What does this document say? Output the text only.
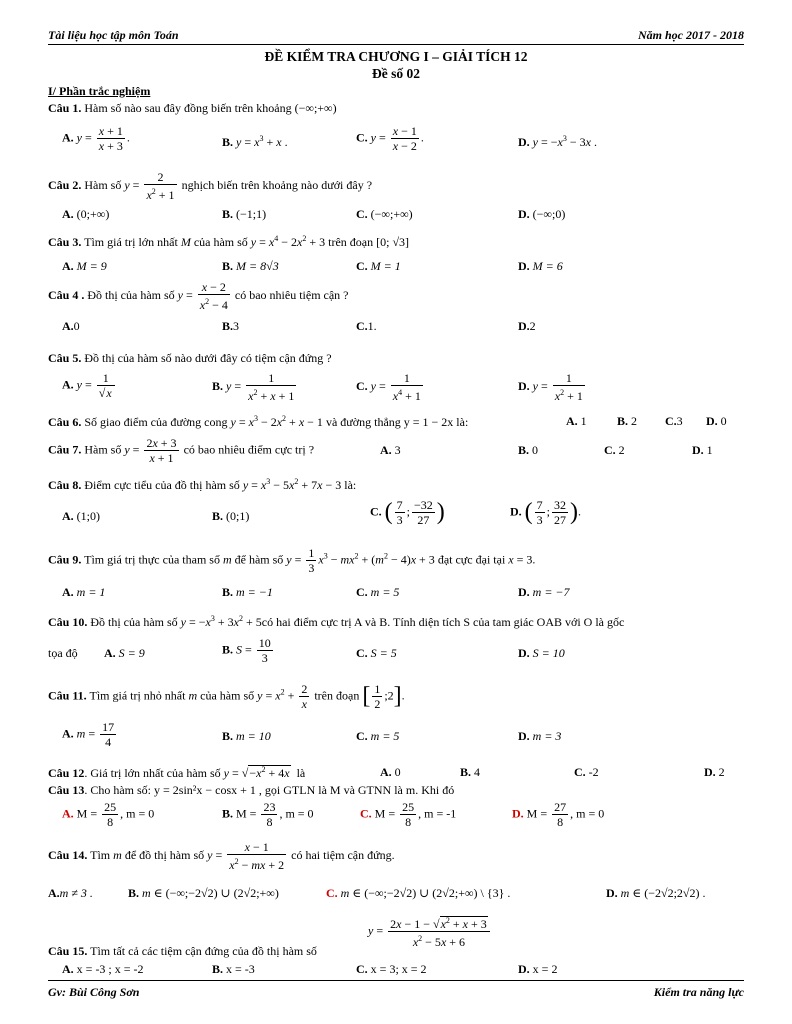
Tài liệu học tập môn Toán	Năm học 2017 - 2018
ĐỀ KIỂM TRA CHƯƠNG I – GIẢI TÍCH 12
Đề số 02
I/ Phần trắc nghiệm
Câu 1. Hàm số nào sau đây đồng biến trên khoảng (−∞;+∞)
A. $y = \frac{x + 1}{x + 3}$ .	B. $y = x^3 + x$ .	C. $y = \frac{x - 1}{x - 2}$ .	D. $y = -x^3 - 3x$ .
Câu 2. Hàm số $y = \frac{2}{x^2 + 1}$ nghịch biến trên khoảng nào dưới đây ?
A. (0;+∞)	B. (−1;1)	C. (−∞;+∞)	D. (−∞;0)
Câu 3. Tìm giá trị lớn nhất M của hàm số $y = x^4 - 2x^2 + 3$ trên đoạn [0; √3]
A. M = 9	B. M = 8√3	C. M = 1	D. M = 6
Câu 4 . Đồ thị của hàm số $y = \frac{x - 2}{x^2 - 4}$ có bao nhiêu tiệm cận ?
A.0	B.3	C.1.	D.2
Câu 5. Đồ thị của hàm số nào dưới đây có tiệm cận đứng ?
A. $y = \frac{1}{√x}$	B. $y = \frac{1}{x^2 + x + 1}$	C. $y = \frac{1}{x^4 + 1}$	D. $y = \frac{1}{x^2 + 1}$
Câu 6. Số giao điểm của đường cong $y = x^3 - 2x^2 + x - 1$ và đường thẳng y = 1 − 2x là:	A. 1	B. 2 C.3 D. 0
Câu 7. Hàm số $y = \frac{2x + 3}{x + 1}$ có bao nhiêu điểm cực trị ?	A. 3	B. 0	C. 2	D. 1
Câu 8. Điểm cực tiểu của đồ thị hàm số $y = x^3 - 5x^2 + 7x - 3$ là:
A. (1;0)	B. (0;1)	C. ( $\frac{7}{3}$ ; $\frac{-32}{27}$ )	D. ( $\frac{7}{3}$ ; $\frac{32}{27}$ ).
Câu 9. Tìm giá trị thực của tham số m để hàm số $y = \frac{1}{3} x^3 - mx^2 + (m^2 - 4)x + 3$ đạt cực đại tại x = 3.
A. m = 1	B. m = −1	C. m = 5	D. m = −7
Câu 10. Đồ thị của hàm số $y = -x^3 + 3x^2$ + 5có hai điểm cực trị A và B. Tính diện tích S của tam giác OAB với O là gốc
tọa độ A. S = 9	B. $S = \frac{10}{3}$	C. S = 5	D. S = 10
Câu 11. Tìm giá trị nhỏ nhất m của hàm số $y = x^2 + \frac{2}{x}$ trên đoạn [ $\frac{1}{2}$ ;2].
A. $m = \frac{17}{4}$	B. m = 10	C. m = 5	D. m = 3
Câu 12. Giá trị lớn nhất của hàm số $y = √-x^2 + 4x$ là	A. 0	B. 4	C. -2	D. 2
Câu 13. Cho hàm số: y = 2sin²x − cosx + 1 , gọi GTLN là M và GTNN là m. Khi đó
A. $M = \frac{25}{8}$ , m = 0	B. $M = \frac{23}{8}$ , m = 0	C. $M = \frac{25}{8}$ , m = -1	D. $M = \frac{27}{8}$ , m = 0
Câu 14. Tìm m để đồ thị hàm số $y = \frac{x - 1}{x^2 - mx + 2}$ có hai tiệm cận đứng.
A.m ≠ 3 .	B. m ∈ (−∞;−2√2) ∪ (2√2;+∞)	C. m ∈ (−∞;−2√2) ∪ (2√2;+∞) \ {3} .	D. m ∈ (−2√2;2√2) .
$y = \frac{2x - 1 - √x^2 + x + 3}{x^2 - 5x + 6}$
Câu 15. Tìm tất cả các tiệm cận đứng của đồ thị hàm số
A. x = -3 ; x = -2	B. x = -3	C. x = 3; x = 2	D. x = 2
Gv: Bùi Công Sơn	Kiểm tra năng lực
